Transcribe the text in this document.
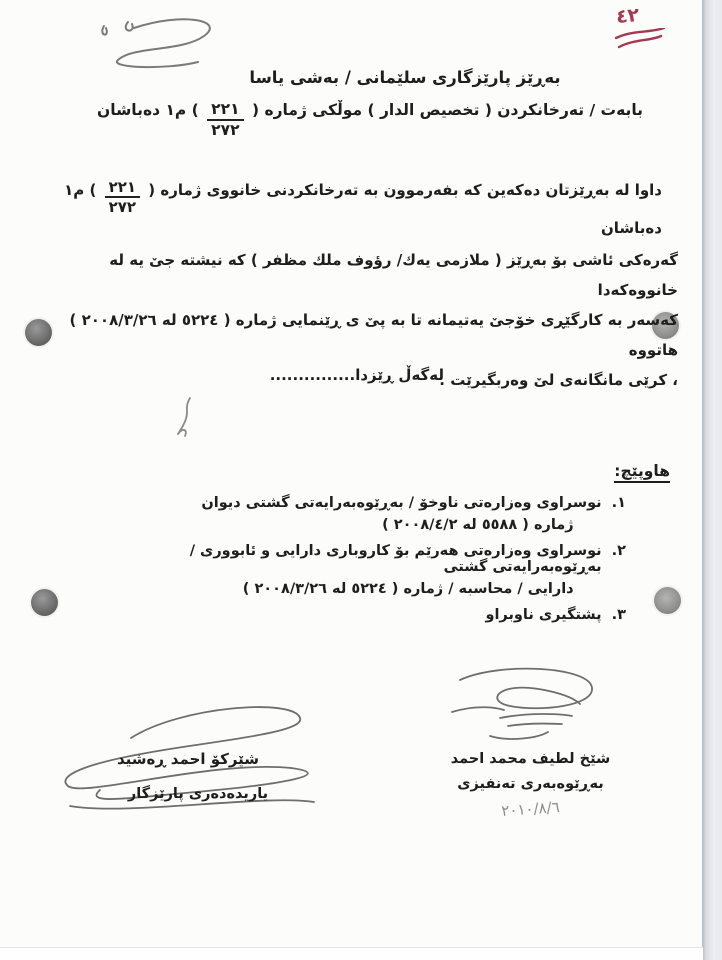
٤٢
بەڕێز پارێزگاری سلێمانی / بەشی یاسا
بابەت / تەرخانکردن ( تخصیص الدار ) موڵکی ژمارە (
$\frac{٢٢١}{٢٧٢}$
) م١ دەباشان
داوا لە بەڕێزتان دەکەین کە بفەرموون بە تەرخانکردنی خانووی ژمارە (
$\frac{٢٢١}{٢٧٢}$
) م١ دەباشان
گەرەکی ئاشی بۆ بەڕێز ( ملازمی یەك/ رؤوف ملك مظفر ) کە نیشتە جێ یە لە خانووەکەدا
کەسەر بە کارگێڕی خۆجێ یەتیمانە تا بە پێ ی ڕێنمایی ژمارە ( ٥٢٢٤ لە ٢٠٠٨/٣/٢٦ ) هاتووە
، کرێی مانگانەی لێ وەربگیرێت .
لەگەڵ ڕێزدا...............
هاوپێچ:
١.
نوسراوی وەزارەتی ناوخۆ / بەڕێوەبەرایەتی گشتی دیوان
ژمارە ( ٥٥٨٨ لە ٢٠٠٨/٤/٢ )
٢.
نوسراوی وەزارەتی هەرێم بۆ کاروباری دارایی و ئابووری / بەڕێوەبەرایەتی گشتی
دارایی / محاسبە / ژمارە ( ٥٢٢٤ لە ٢٠٠٨/٣/٢٦ )
٣.
پشتگیری ناوبراو
شێخ لطیف محمد احمد
بەڕێوەبەری تەنفیزی
٢٠١٠/٨/٦
شێرکۆ احمد ڕەشید
یاریدەدەری پارێزگار
